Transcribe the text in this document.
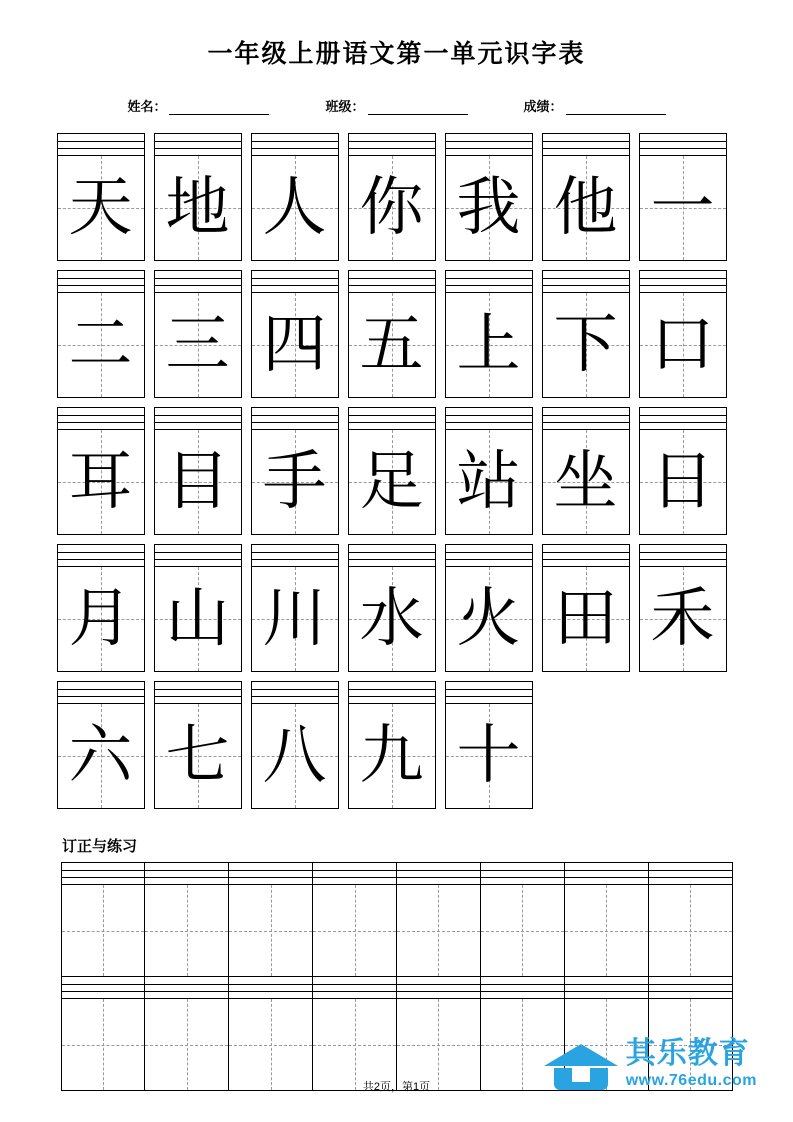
一年级上册语文第一单元识字表
姓名：	班级：	成绩：
天 地 人 你 我 他 一
二 三 四 五 上 下 口
耳 目 手 足 站 坐 日
月 山 川 水 火 田 禾
六 七 八 九 十
订正与练习
其乐教育
www.76edu.com
共2页，第1页
